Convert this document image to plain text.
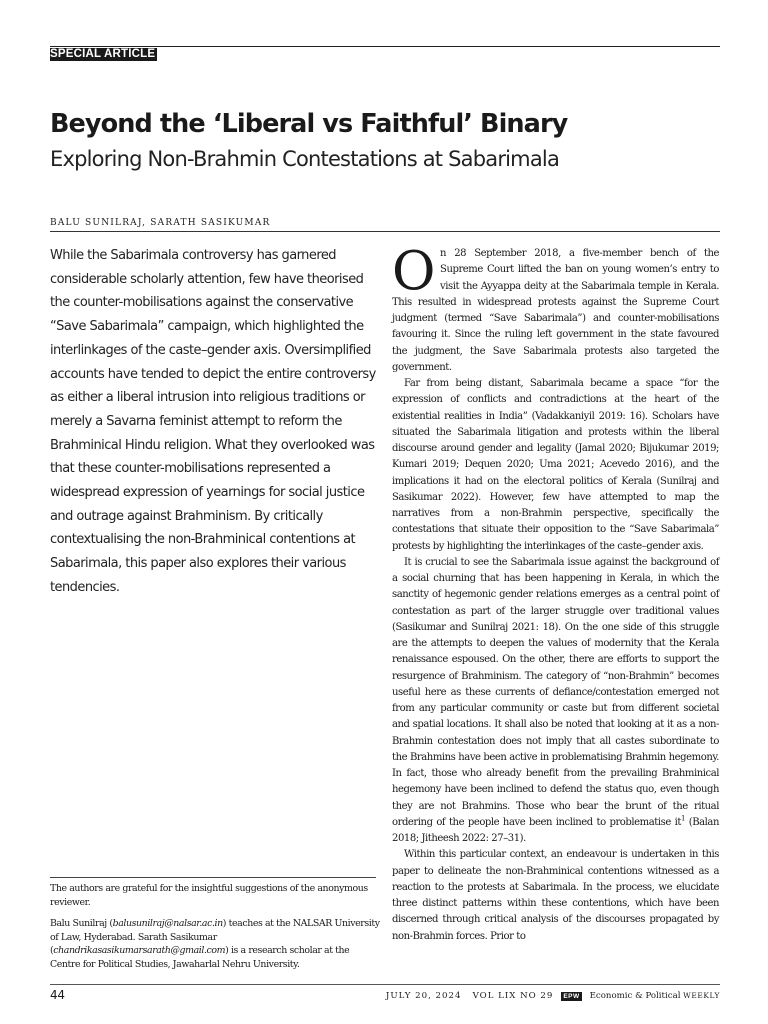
SPECIAL ARTICLE
Beyond the ‘Liberal vs Faithful’ Binary
Exploring Non-Brahmin Contestations at Sabarimala
BALU SUNILRAJ, SARATH SASIKUMAR
While the Sabarimala controversy has garnered considerable scholarly attention, few have theorised the counter-mobilisations against the conservative “Save Sabarimala” campaign, which highlighted the interlinkages of the caste–gender axis. Oversimplified accounts have tended to depict the entire controversy as either a liberal intrusion into religious traditions or merely a Savarna feminist attempt to reform the Brahminical Hindu religion. What they overlooked was that these counter-mobilisations represented a widespread expression of yearnings for social justice and outrage against Brahminism. By critically contextualising the non-Brahminical contentions at Sabarimala, this paper also explores their various tendencies.
The authors are grateful for the insightful suggestions of the anonymous reviewer.
Balu Sunilraj (balusunilraj@nalsar.ac.in) teaches at the NALSAR University of Law, Hyderabad. Sarath Sasikumar (chandrikasasikumarsarath@gmail.com) is a research scholar at the Centre for Political Studies, Jawaharlal Nehru University.

On 28 September 2018, a five-member bench of the Supreme Court lifted the ban on young women’s entry to visit the Ayyappa deity at the Sabarimala temple in Kerala. This resulted in widespread protests against the Supreme Court judgment (termed “Save Sabarimala”) and counter-mobilisations favouring it. Since the ruling left government in the state favoured the judgment, the Save Sabarimala protests also targeted the government.

Far from being distant, Sabarimala became a space “for the expression of conflicts and contradictions at the heart of the existential realities in India” (Vadakkaniyil 2019: 16). Scholars have situated the Sabarimala litigation and protests within the liberal discourse around gender and legality (Jamal 2020; Bijukumar 2019; Kumari 2019; Dequen 2020; Uma 2021; Acevedo 2016), and the implications it had on the electoral politics of Kerala (Sunilraj and Sasikumar 2022). However, few have attempted to map the narratives from a non-Brahmin perspective, specifically the contestations that situate their opposition to the “Save Sabarimala” protests by highlighting the interlinkages of the caste–gender axis.

It is crucial to see the Sabarimala issue against the background of a social churning that has been happening in Kerala, in which the sanctity of hegemonic gender relations emerges as a central point of contestation as part of the larger struggle over traditional values (Sasikumar and Sunilraj 2021: 18). On the one side of this struggle are the attempts to deepen the values of modernity that the Kerala renaissance espoused. On the other, there are efforts to support the resurgence of Brahminism. The category of “non-Brahmin” becomes useful here as these currents of defiance/contestation emerged not from any particular community or caste but from different societal and spatial locations. It shall also be noted that looking at it as a non-Brahmin contestation does not imply that all castes subordinate to the Brahmins have been active in problematising Brahmin hegemony. In fact, those who already benefit from the prevailing Brahminical hegemony have been inclined to defend the status quo, even though they are not Brahmins. Those who bear the brunt of the ritual ordering of the people have been inclined to problematise $it^1$ (Balan 2018; Jitheesh 2022: 27–31).

Within this particular context, an endeavour is undertaken in this paper to delineate the non-Brahminical contentions witnessed as a reaction to the protests at Sabarimala. In the process, we elucidate three distinct patterns within these contentions, which have been discerned through critical analysis of the discourses propagated by non-Brahmin forces. Prior to

44	JULY 20, 2024   VOL LIX NO 29	EPW Economic & Political WEEKLY
